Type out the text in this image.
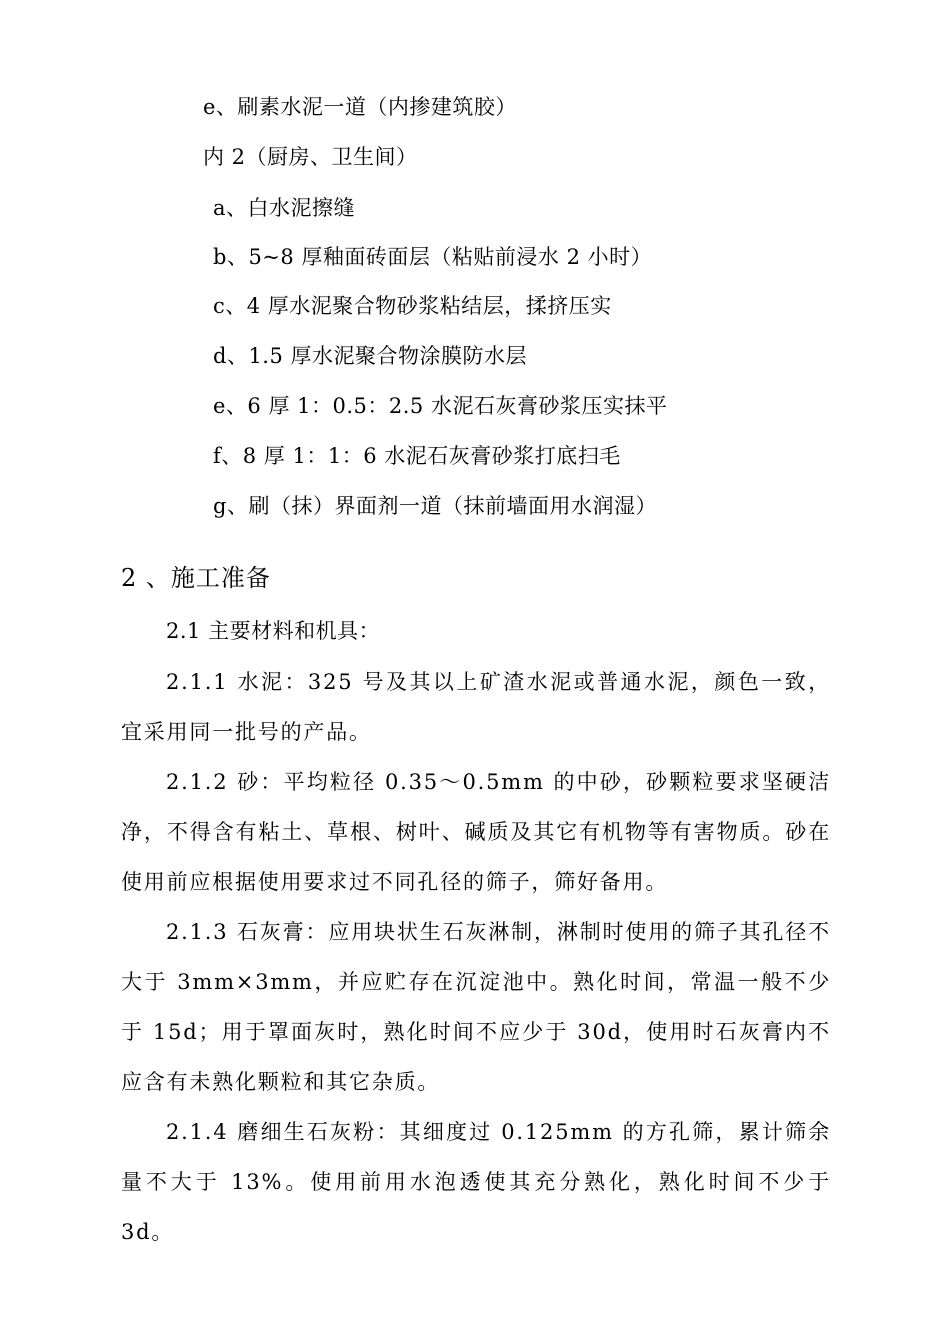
e、刷素水泥一道（内掺建筑胶）
内 2（厨房、卫生间）
a、白水泥擦缝
b、5~8 厚釉面砖面层（粘贴前浸水 2 小时）
c、4 厚水泥聚合物砂浆粘结层，揉挤压实
d、1.5 厚水泥聚合物涂膜防水层
e、6 厚 1：0.5：2.5 水泥石灰膏砂浆压实抹平
f、8 厚 1：1：6 水泥石灰膏砂浆打底扫毛
g、刷（抹）界面剂一道（抹前墙面用水润湿）
2 、施工准备
2.1 主要材料和机具：
2.1.1 水泥：325 号及其以上矿渣水泥或普通水泥，颜色一致，宜采用同一批号的产品。
2.1.2 砂：平均粒径 0.35～0.5mm 的中砂，砂颗粒要求坚硬洁净，不得含有粘土、草根、树叶、碱质及其它有机物等有害物质。砂在使用前应根据使用要求过不同孔径的筛子，筛好备用。
2.1.3 石灰膏：应用块状生石灰淋制，淋制时使用的筛子其孔径不大于 3mm×3mm，并应贮存在沉淀池中。熟化时间，常温一般不少于 15d；用于罩面灰时，熟化时间不应少于 30d，使用时石灰膏内不应含有未熟化颗粒和其它杂质。
2.1.4 磨细生石灰粉：其细度过 0.125mm 的方孔筛，累计筛余量不大于 13%。使用前用水泡透使其充分熟化，熟化时间不少于 3d。
